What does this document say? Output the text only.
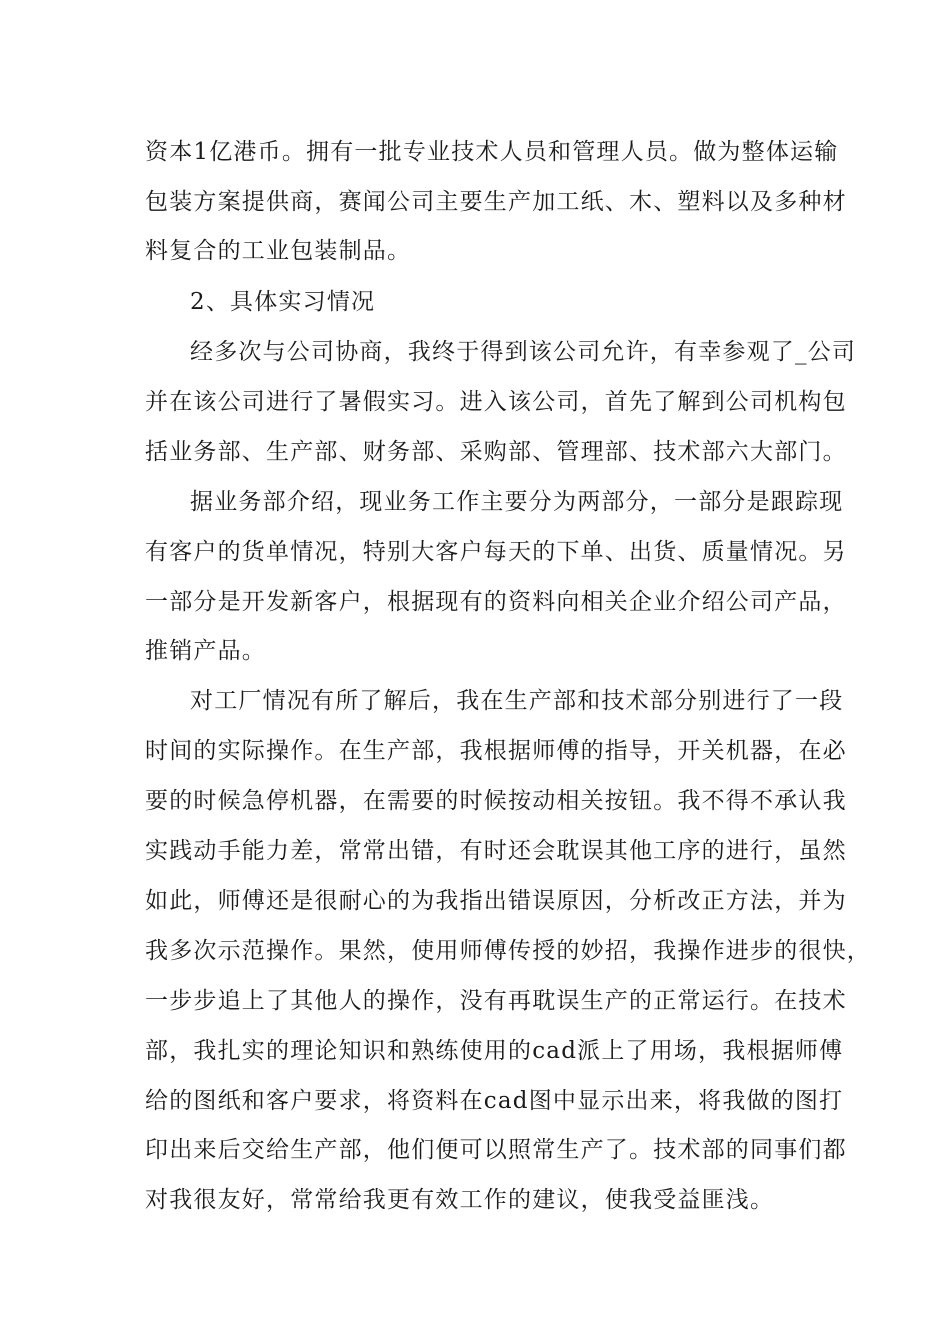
资本1亿港币。拥有一批专业技术人员和管理人员。做为整体运输
包装方案提供商，赛闻公司主要生产加工纸、木、塑料以及多种材
料复合的工业包装制品。
2、具体实习情况
经多次与公司协商，我终于得到该公司允许，有幸参观了_公司
并在该公司进行了暑假实习。进入该公司，首先了解到公司机构包
括业务部、生产部、财务部、采购部、管理部、技术部六大部门。
据业务部介绍，现业务工作主要分为两部分，一部分是跟踪现
有客户的货单情况，特别大客户每天的下单、出货、质量情况。另
一部分是开发新客户，根据现有的资料向相关企业介绍公司产品，
推销产品。
对工厂情况有所了解后，我在生产部和技术部分别进行了一段
时间的实际操作。在生产部，我根据师傅的指导，开关机器，在必
要的时候急停机器，在需要的时候按动相关按钮。我不得不承认我
实践动手能力差，常常出错，有时还会耽误其他工序的进行，虽然
如此，师傅还是很耐心的为我指出错误原因，分析改正方法，并为
我多次示范操作。果然，使用师傅传授的妙招，我操作进步的很快，
一步步追上了其他人的操作，没有再耽误生产的正常运行。在技术
部，我扎实的理论知识和熟练使用的cad派上了用场，我根据师傅
给的图纸和客户要求，将资料在cad图中显示出来，将我做的图打
印出来后交给生产部，他们便可以照常生产了。技术部的同事们都
对我很友好，常常给我更有效工作的建议，使我受益匪浅。
